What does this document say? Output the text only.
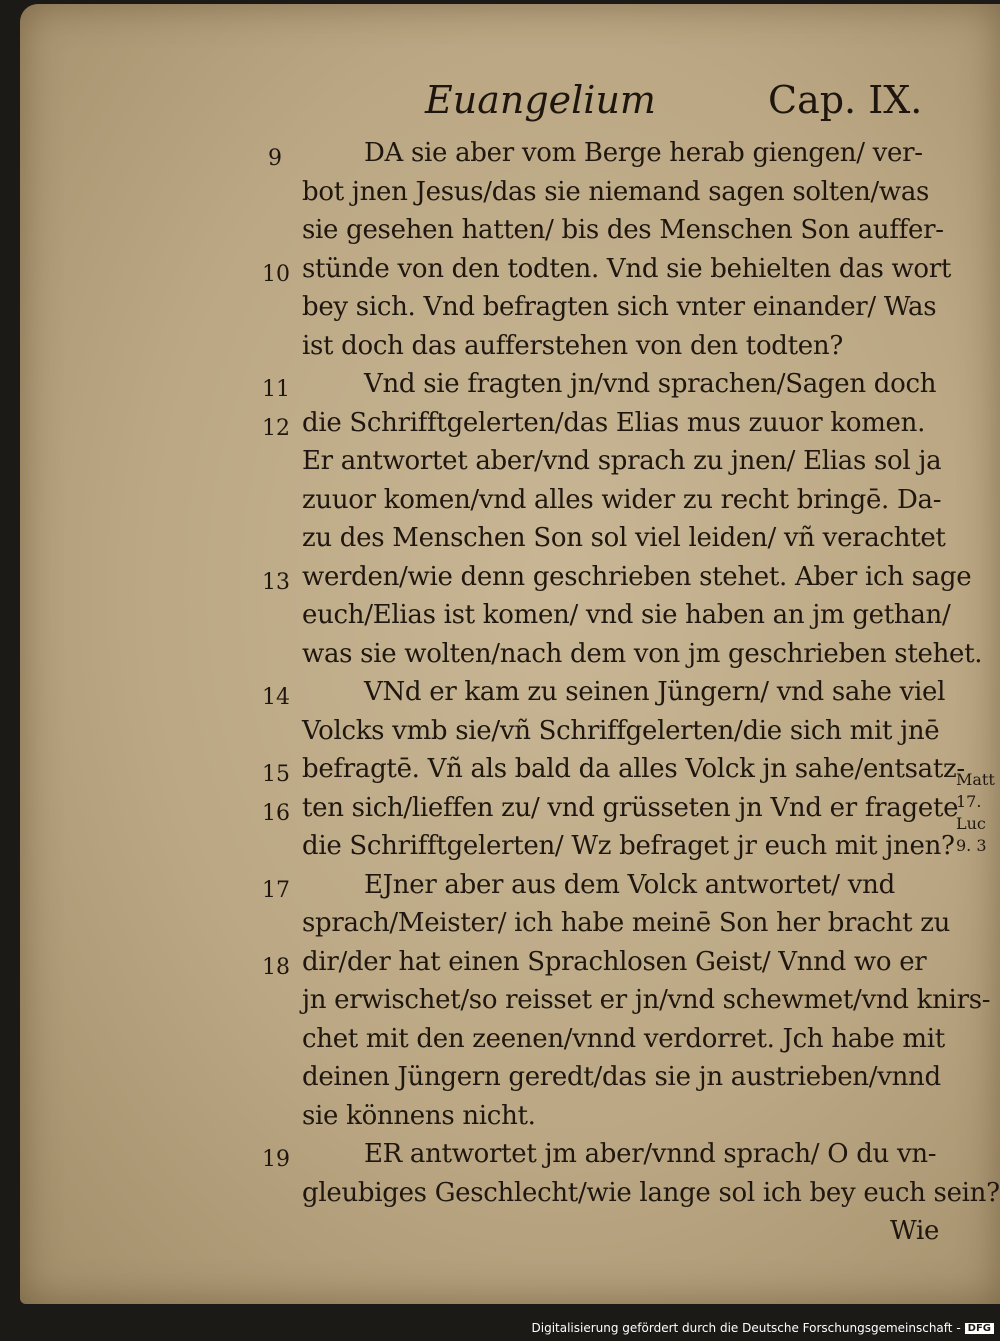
Euangelium	Cap. IX.
DA sie aber vom Berge herab giengen/ ver-
bot jnen Jesus/das sie niemand sagen solten/was
sie gesehen hatten/ bis des Menschen Son auffer-
stünde von den todten. Vnd sie behielten das wort
bey sich. Vnd befragten sich vnter einander/ Was
ist doch das aufferstehen von den todten?
Vnd sie fragten jn/vnd sprachen/Sagen doch
die Schrifftgelerten/das Elias mus zuuor komen.
Er antwortet aber/vnd sprach zu jnen/ Elias sol ja
zuuor komen/vnd alles wider zu recht bringē. Da-
zu des Menschen Son sol viel leiden/ vñ verachtet
werden/wie denn geschrieben stehet. Aber ich sage
euch/Elias ist komen/ vnd sie haben an jm gethan/
was sie wolten/nach dem von jm geschrieben stehet.
VNd er kam zu seinen Jüngern/ vnd sahe viel
Volcks vmb sie/vñ Schriffgelerten/die sich mit jnē
befragtē. Vñ als bald da alles Volck jn sahe/entsatz-
ten sich/lieffen zu/ vnd grüsseten jn Vnd er fragete
die Schrifftgelerten/ Wz befraget jr euch mit jnen?
EJner aber aus dem Volck antwortet/ vnd
sprach/Meister/ ich habe meinē Son her bracht zu
dir/der hat einen Sprachlosen Geist/ Vnnd wo er
jn erwischet/so reisset er jn/vnd schewmet/vnd knirs-
chet mit den zeenen/vnnd verdorret. Jch habe mit
deinen Jüngern geredt/das sie jn austrieben/vnnd
sie könnens nicht.
ER antwortet jm aber/vnnd sprach/ O du vn-
gleubiges Geschlecht/wie lange sol ich bey euch sein?
Wie
9
10
11
12
13
14
15
16
17
18
19
Matt
17.
Luc
9. 3
Digitalisierung gefördert durch die Deutsche Forschungsgemeinschaft - DFG
